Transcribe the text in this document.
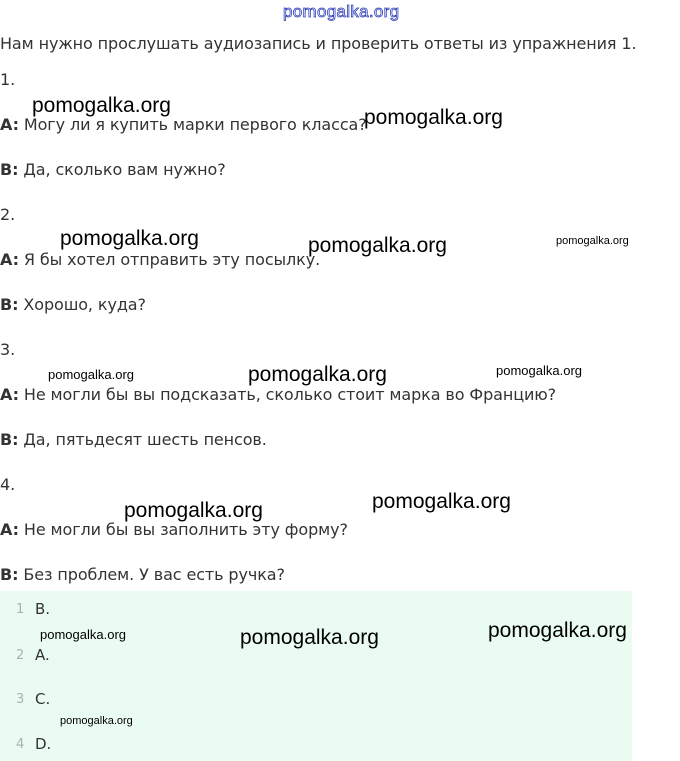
pomogalka.org
Нам нужно прослушать аудиозапись и проверить ответы из упражнения 1.
1.
A: Могу ли я купить марки первого класса?
B: Да, сколько вам нужно?
2.
A: Я бы хотел отправить эту посылку.
B: Хорошо, куда?
3.
A: Не могли бы вы подсказать, сколько стоит марка во Францию?
B: Да, пятьдесят шесть пенсов.
4.
A: Не могли бы вы заполнить эту форму?
B: Без проблем. У вас есть ручка?
1 B.
2 A.
3 C.
4 D.
pomogalka.org
pomogalka.org
pomogalka.org	pomogalka.org	pomogalka.org
pomogalka.org	pomogalka.org	pomogalka.org
pomogalka.org	pomogalka.org
pomogalka.org	pomogalka.org	pomogalka.org
pomogalka.org
